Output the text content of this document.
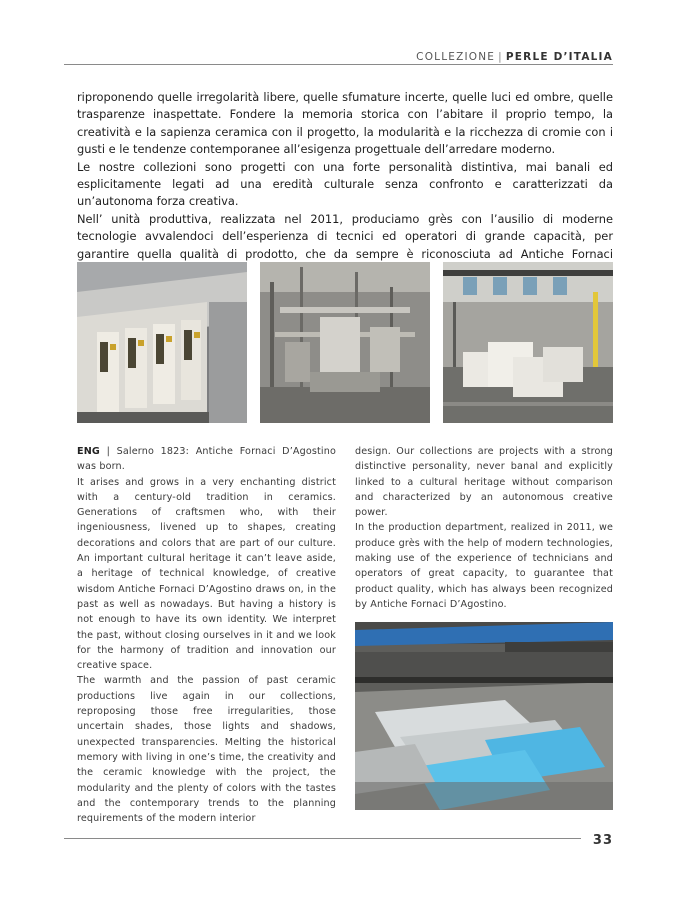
COLLEZIONE | PERLE D’ITALIA

riproponendo quelle irregolarità libere, quelle sfumature incerte, quelle luci ed ombre, quelle trasparenze inaspettate. Fondere la memoria storica con l’abitare il proprio tempo, la creatività e la sapienza ceramica con il progetto, la modularità e la ricchezza di cromie con i gusti e le tendenze contemporanee all’esigenza progettuale dell’arredare moderno.

Le nostre collezioni sono progetti con una forte personalità distintiva, mai banali ed esplicitamente legati ad una eredità culturale senza confronto e caratterizzati da un’autonoma forza creativa.

Nell’ unità produttiva, realizzata nel 2011, produciamo grès con l’ausilio di moderne tecnologie avvalendoci dell’esperienza di tecnici ed operatori di grande capacità, per garantire quella qualità di prodotto, che da sempre è riconosciuta ad Antiche Fornaci

ENG | Salerno 1823: Antiche Fornaci D’Agostino was born.

It arises and grows in a very enchanting district with a century-old tradition in ceramics. Generations of craftsmen who, with their ingeniousness, livened up to shapes, creating decorations and colors that are part of our culture. An important cultural heritage it can’t leave aside, a heritage of technical knowledge, of creative wisdom Antiche Fornaci D’Agostino draws on, in the past as well as nowadays. But having a history is not enough to have its own identity. We interpret the past, without closing ourselves in it and we look for the harmony of tradition and innovation our creative space.

The warmth and the passion of past ceramic productions live again in our collections, reproposing those free irregularities, those uncertain shades, those lights and shadows, unexpected transparencies. Melting the historical memory with living in one’s time, the creativity and the ceramic knowledge with the project, the modularity and the plenty of colors with the tastes and the contemporary trends to the planning requirements of the modern interior

design. Our collections are projects with a strong distinctive personality, never banal and explicitly linked to a cultural heritage without comparison and characterized by an autonomous creative power.

In the production department, realized in 2011, we produce grès with the help of modern technologies, making use of the experience of technicians and operators of great capacity, to guarantee that product quality, which has always been recognized by Antiche Fornaci D’Agostino.

33
